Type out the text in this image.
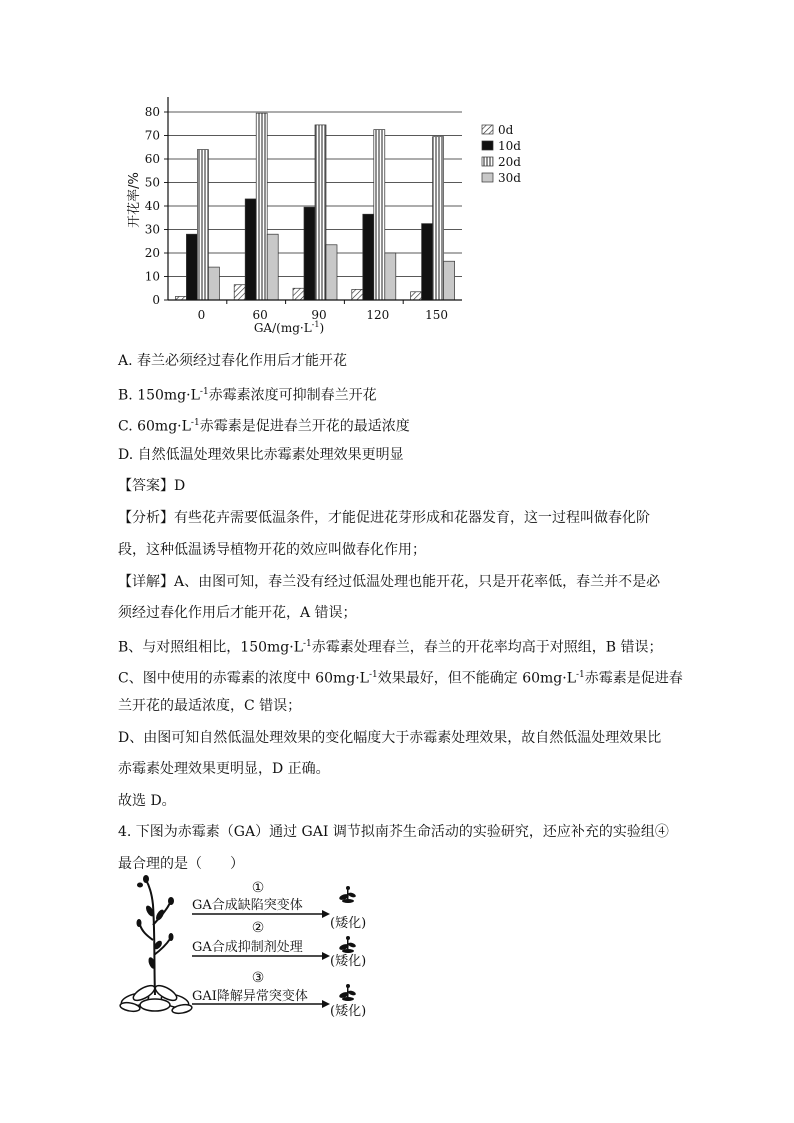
0
10
20
30
40
50
60
70
80
0	60	90	120	150
0d
10d
20d
30d
开花率/%
$GA/(mg\cdot L^{-1})$
A. 春兰必须经过春化作用后才能开花
B. $150mg\cdot L^{-1}$赤霉素浓度可抑制春兰开花
C. $60mg\cdot L^{-1}$赤霉素是促进春兰开花的最适浓度
D. 自然低温处理效果比赤霉素处理效果更明显
【答案】D
【分析】有些花卉需要低温条件，才能促进花芽形成和花器发育，这一过程叫做春化阶
段，这种低温诱导植物开花的效应叫做春化作用；
【详解】A、由图可知，春兰没有经过低温处理也能开花，只是开花率低，春兰并不是必
须经过春化作用后才能开花，A 错误；
B、与对照组相比，$150mg\cdot L^{-1}$赤霉素处理春兰，春兰的开花率均高于对照组，B 错误；
C、图中使用的赤霉素的浓度中 $60mg\cdot L^{-1}$效果最好，但不能确定 $60mg\cdot L^{-1}$赤霉素是促进春
兰开花的最适浓度，C 错误；
D、由图可知自然低温处理效果的变化幅度大于赤霉素处理效果，故自然低温处理效果比
赤霉素处理效果更明显，D 正确。
故选 D。
4. 下图为赤霉素（GA）通过 GAI 调节拟南芥生命活动的实验研究，还应补充的实验组④
最合理的是（　　）
①
GA合成缺陷突变体
(矮化)
②
GA合成抑制剂处理
(矮化)
③
GAI降解异常突变体
(矮化)
